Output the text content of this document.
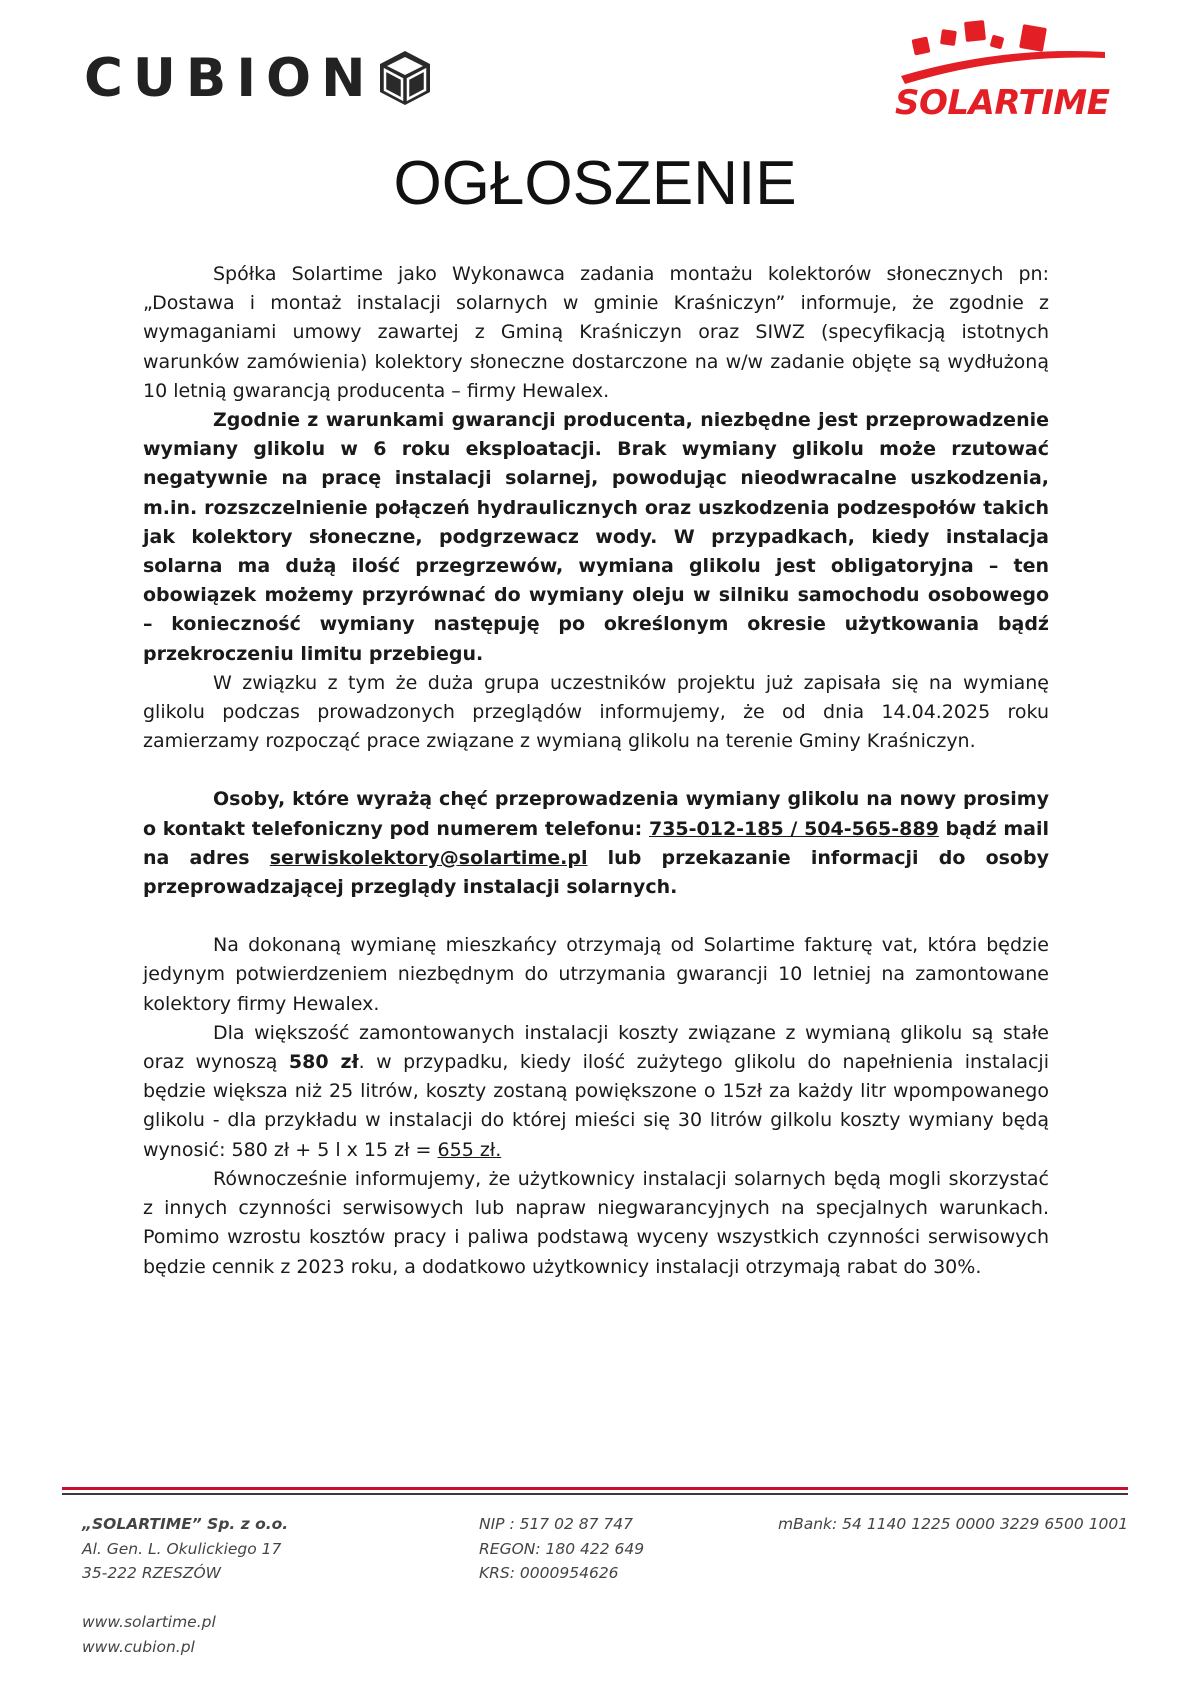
CUBION	SOLARTIME
OGŁOSZENIE

Spółka Solartime jako Wykonawca zadania montażu kolektorów słonecznych pn: „Dostawa i montaż instalacji solarnych w gminie Kraśniczyn” informuje, że zgodnie z wymaganiami umowy zawartej z Gminą Kraśniczyn oraz SIWZ (specyfikacją istotnych warunków zamówienia) kolektory słoneczne dostarczone na w/w zadanie objęte są wydłużoną 10 letnią gwarancją producenta – firmy Hewalex.

Zgodnie z warunkami gwarancji producenta, niezbędne jest przeprowadzenie wymiany glikolu w 6 roku eksploatacji. Brak wymiany glikolu może rzutować negatywnie na pracę instalacji solarnej, powodując nieodwracalne uszkodzenia, m.in. rozszczelnienie połączeń hydraulicznych oraz uszkodzenia podzespołów takich jak kolektory słoneczne, podgrzewacz wody. W przypadkach, kiedy instalacja solarna ma dużą ilość przegrzewów, wymiana glikolu jest obligatoryjna – ten obowiązek możemy przyrównać do wymiany oleju w silniku samochodu osobowego – konieczność wymiany następuję po określonym okresie użytkowania bądź przekroczeniu limitu przebiegu.

W związku z tym że duża grupa uczestników projektu już zapisała się na wymianę glikolu podczas prowadzonych przeglądów informujemy, że od dnia 14.04.2025 roku zamierzamy rozpocząć prace związane z wymianą glikolu na terenie Gminy Kraśniczyn.

Osoby, które wyrażą chęć przeprowadzenia wymiany glikolu na nowy prosimy o kontakt telefoniczny pod numerem telefonu: 735-012-185 / 504-565-889 bądź mail na adres serwiskolektory@solartime.pl lub przekazanie informacji do osoby przeprowadzającej przeglądy instalacji solarnych.

Na dokonaną wymianę mieszkańcy otrzymają od Solartime fakturę vat, która będzie jedynym potwierdzeniem niezbędnym do utrzymania gwarancji 10 letniej na zamontowane kolektory firmy Hewalex.

Dla większość zamontowanych instalacji koszty związane z wymianą glikolu są stałe oraz wynoszą 580 zł. w przypadku, kiedy ilość zużytego glikolu do napełnienia instalacji będzie większa niż 25 litrów, koszty zostaną powiększone o 15zł za każdy litr wpompowanego glikolu - dla przykładu w instalacji do której mieści się 30 litrów gilkolu koszty wymiany będą wynosić: 580 zł + 5 l x 15 zł = 655 zł.

Równocześnie informujemy, że użytkownicy instalacji solarnych będą mogli skorzystać z innych czynności serwisowych lub napraw niegwarancyjnych na specjalnych warunkach. Pomimo wzrostu kosztów pracy i paliwa podstawą wyceny wszystkich czynności serwisowych będzie cennik z 2023 roku, a dodatkowo użytkownicy instalacji otrzymają rabat do 30%.

„SOLARTIME” Sp. z o.o.
Al. Gen. L. Okulickiego 17
35-222 RZESZÓW
NIP : 517 02 87 747
REGON: 180 422 649
KRS: 0000954626
mBank: 54 1140 1225 0000 3229 6500 1001
www.solartime.pl
www.cubion.pl
